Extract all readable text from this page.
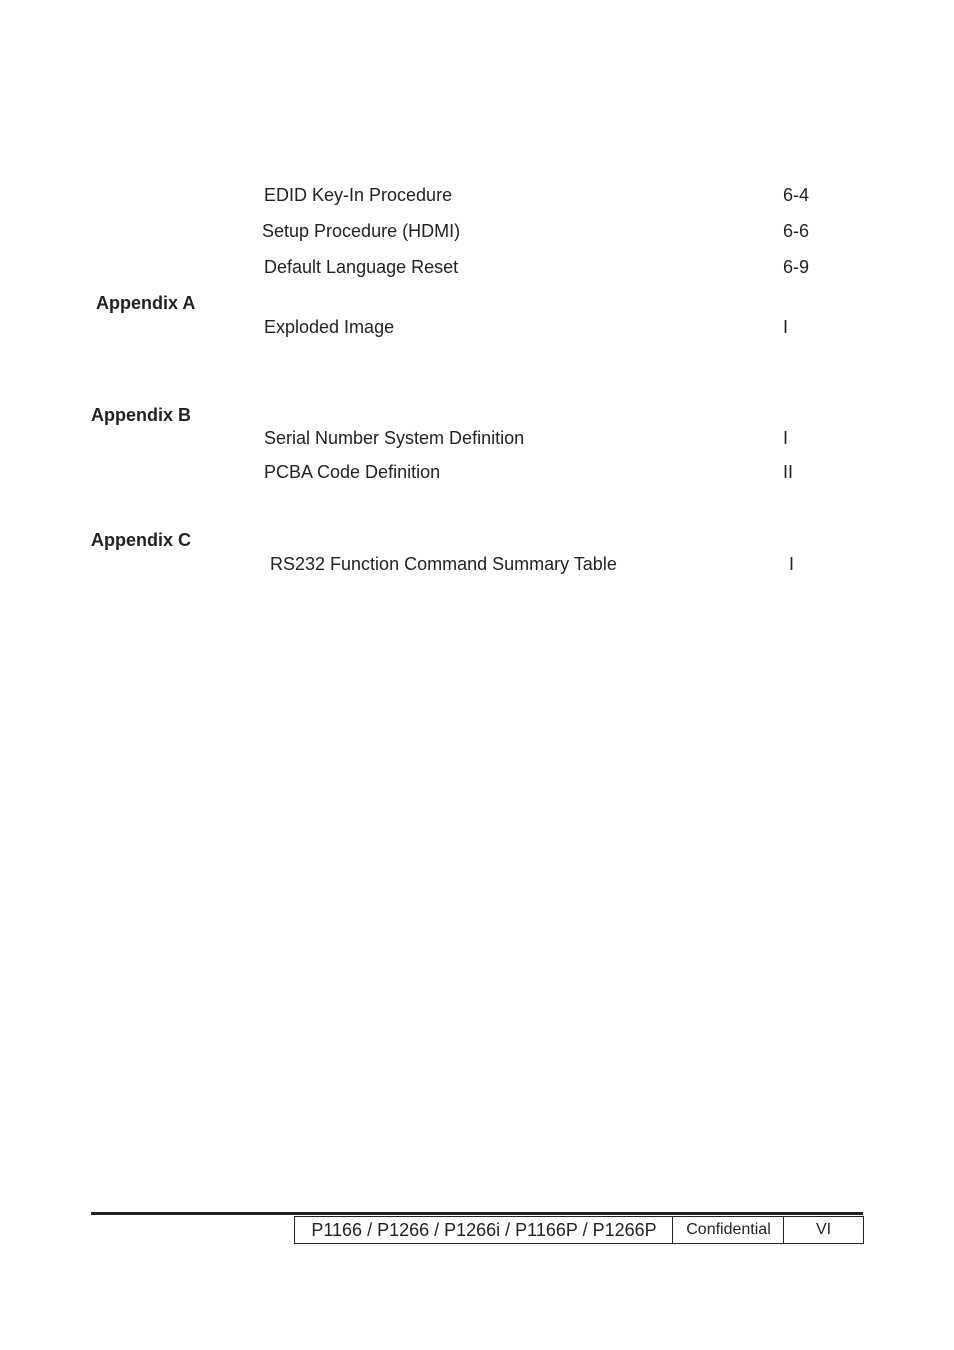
EDID Key-In Procedure	6-4
Setup Procedure (HDMI)	6-6
Default Language Reset	6-9
Appendix A
Exploded Image	I
Appendix B
Serial Number System Definition	I
PCBA Code Definition	II
Appendix C
RS232 Function Command Summary Table	I
P1166 / P1266 / P1266i / P1166P / P1266P	Confidential	VI
